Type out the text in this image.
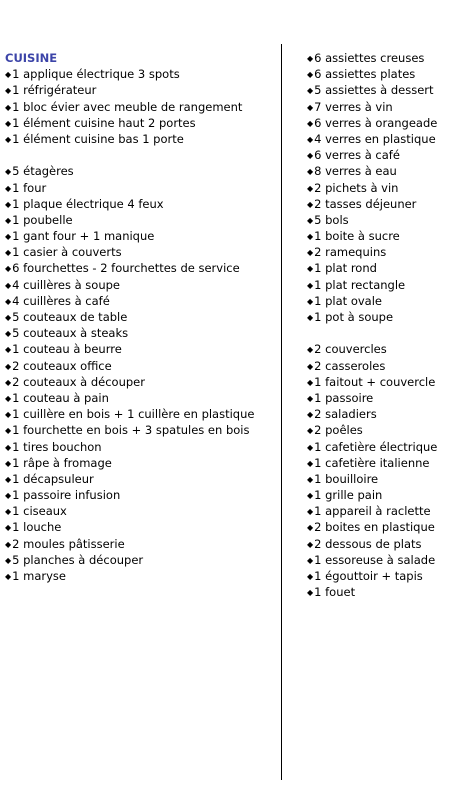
CUISINE
◆1 applique électrique 3 spots
◆1 réfrigérateur
◆1 bloc évier avec meuble de rangement
◆1 élément cuisine haut 2 portes
◆1 élément cuisine bas 1 porte
◆5 étagères
◆1 four
◆1 plaque électrique 4 feux
◆1 poubelle
◆1 gant four + 1 manique
◆1 casier à couverts
◆6 fourchettes - 2 fourchettes de service
◆4 cuillères à soupe
◆4 cuillères à café
◆5 couteaux de table
◆5 couteaux à steaks
◆1 couteau à beurre
◆2 couteaux office
◆2 couteaux à découper
◆1 couteau à pain
◆1 cuillère en bois + 1 cuillère en plastique
◆1 fourchette en bois + 3 spatules en bois
◆1 tires bouchon
◆1 râpe à fromage
◆1 décapsuleur
◆1 passoire infusion
◆1 ciseaux
◆1 louche
◆2 moules pâtisserie
◆5 planches à découper
◆1 maryse
◆6 assiettes creuses
◆6 assiettes plates
◆5 assiettes à dessert
◆7 verres à vin
◆6 verres à orangeade
◆4 verres en plastique
◆6 verres à café
◆8 verres à eau
◆2 pichets à vin
◆2 tasses déjeuner
◆5 bols
◆1 boite à sucre
◆2 ramequins
◆1 plat rond
◆1 plat rectangle
◆1 plat ovale
◆1 pot à soupe
◆2 couvercles
◆2 casseroles
◆1 faitout + couvercle
◆1 passoire
◆2 saladiers
◆2 poêles
◆1 cafetière électrique
◆1 cafetière italienne
◆1 bouilloire
◆1 grille pain
◆1 appareil à raclette
◆2 boites en plastique
◆2 dessous de plats
◆1 essoreuse à salade
◆1 égouttoir + tapis
◆1 fouet
